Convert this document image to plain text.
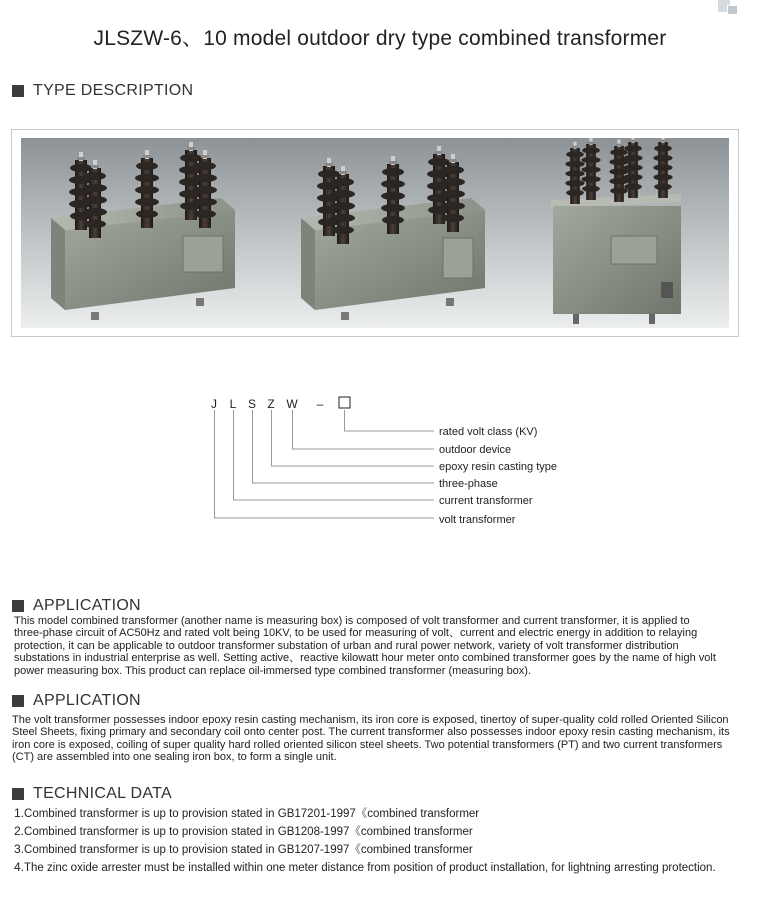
JLSZW-6、10 model outdoor dry type combined transformer
TYPE DESCRIPTION
J L S Z W –
rated volt class (KV)
outdoor device
epoxy resin casting type
three-phase
current transformer
volt transformer
APPLICATION
This model combined transformer (another name is measuring box) is composed of volt transformer and current transformer, it is applied to three-phase circuit of AC50Hz and rated volt being 10KV, to be used for measuring of volt、current and electric energy in addition to relaying protection, it can be applicable to outdoor transformer substation of urban and rural power network, variety of volt transformer distribution substations in industrial enterprise as well. Setting active、reactive kilowatt hour meter onto combined transformer goes by the name of high volt power measuring box. This product can replace oil-immersed type combined transformer (measuring box).
APPLICATION
The volt transformer possesses indoor epoxy resin casting mechanism, its iron core is exposed, tinertoy of super-quality cold rolled Oriented Silicon Steel Sheets, fixing primary and secondary coil onto center post. The current transformer also possesses indoor epoxy resin casting mechanism, its iron core is exposed, coiling of super quality hard rolled oriented silicon steel sheets. Two potential transformers (PT) and two current transformers (CT) are assembled into one sealing iron box, to form a single unit.
TECHNICAL DATA
1.Combined transformer is up to provision stated in GB17201-1997《combined transformer
2.Combined transformer is up to provision stated in GB1208-1997《combined transformer
3.Combined transformer is up to provision stated in GB1207-1997《combined transformer
4.The zinc oxide arrester must be installed within one meter distance from position of product installation, for lightning arresting protection.
